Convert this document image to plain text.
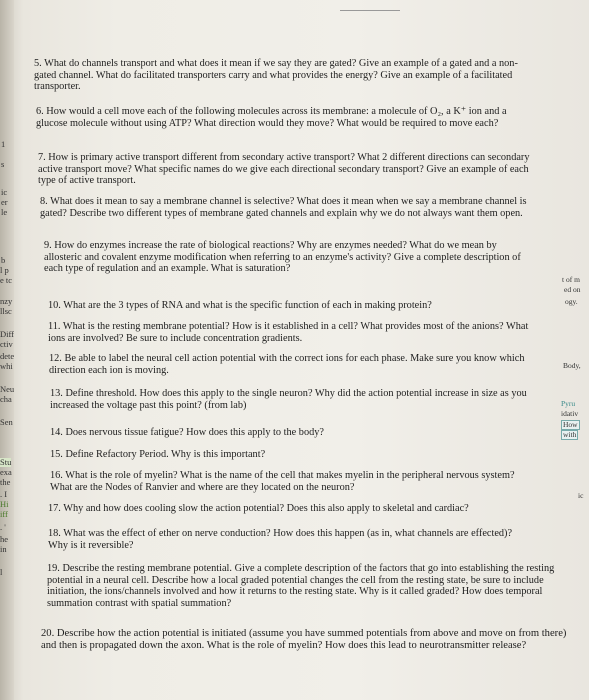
1
s
ic
er
le
b
l p
e tc
nzy
llsc
Diff
ctiv
dete
whi
Neu
cha
Sen
Stu
exa
the
. I
Hi
iff
. '
he
in
l
t of m
ed on
ogy.
Body,
Pyru
idativ
How
with
ic

5. What do channels transport and what does it mean if we say they are gated? Give an example of a gated and a non-gated channel. What do facilitated transporters carry and what provides the energy? Give an example of a facilitated transporter.

6. How would a cell move each of the following molecules across its membrane: a molecule of O₂, a K⁺ ion and a glucose molecule without using ATP? What direction would they move? What would be required to move each?

7. How is primary active transport different from secondary active transport? What 2 different directions can secondary active transport move? What specific names do we give each directional secondary transport? Give an example of each type of active transport.

8. What does it mean to say a membrane channel is selective? What does it mean when we say a membrane channel is gated? Describe two different types of membrane gated channels and explain why we do not always want them open.

9. How do enzymes increase the rate of biological reactions? Why are enzymes needed? What do we mean by allosteric and covalent enzyme modification when referring to an enzyme's activity? Give a complete description of each type of regulation and an example. What is saturation?

10. What are the 3 types of RNA and what is the specific function of each in making protein?

11. What is the resting membrane potential? How is it established in a cell? What provides most of the anions? What ions are involved? Be sure to include concentration gradients.

12. Be able to label the neural cell action potential with the correct ions for each phase. Make sure you know which direction each ion is moving.

13. Define threshold. How does this apply to the single neuron? Why did the action potential increase in size as you increased the voltage past this point? (from lab)

14. Does nervous tissue fatigue? How does this apply to the body?

15. Define Refactory Period. Why is this important?

16. What is the role of myelin? What is the name of the cell that makes myelin in the peripheral nervous system? What are the Nodes of Ranvier and where are they located on the neuron?

17. Why and how does cooling slow the action potential? Does this also apply to skeletal and cardiac?

18. What was the effect of ether on nerve conduction? How does this happen (as in, what channels are effected)? Why is it reversible?

19. Describe the resting membrane potential. Give a complete description of the factors that go into establishing the resting potential in a neural cell. Describe how a local graded potential changes the cell from the resting state, be sure to include initiation, the ions/channels involved and how it returns to the resting state. Why is it called graded? How does temporal summation contrast with spatial summation?

20. Describe how the action potential is initiated (assume you have summed potentials from above and move on from there) and then is propagated down the axon. What is the role of myelin? How does this lead to neurotransmitter release?
